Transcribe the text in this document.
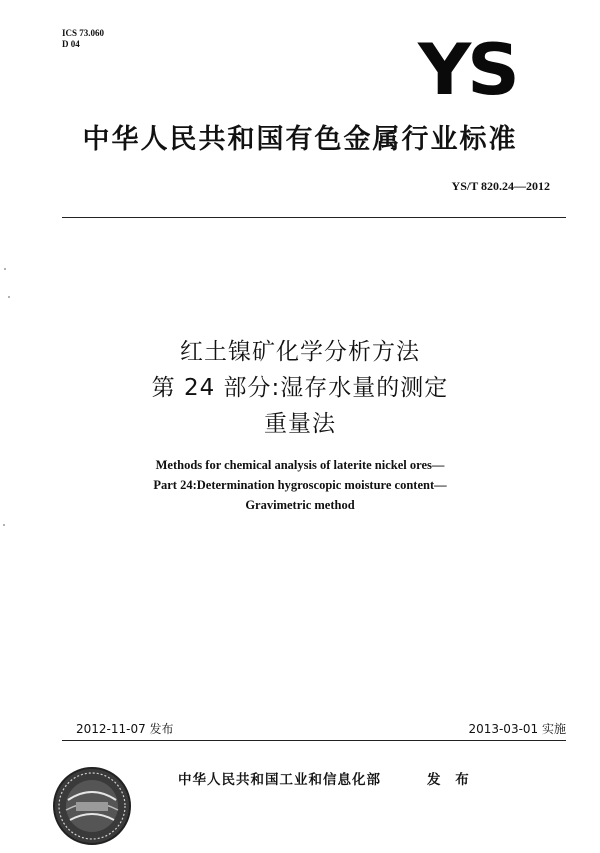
ICS 73.060
D 04	YS
中华人民共和国有色金属行业标准
YS/T 820.24—2012
红土镍矿化学分析方法
第 24 部分:湿存水量的测定
重量法
Methods for chemical analysis of laterite nickel ores—
Part 24:Determination hygroscopic moisture content—
Gravimetric method
2012-11-07 发布	2013-03-01 实施
中华人民共和国工业和信息化部	发 布
